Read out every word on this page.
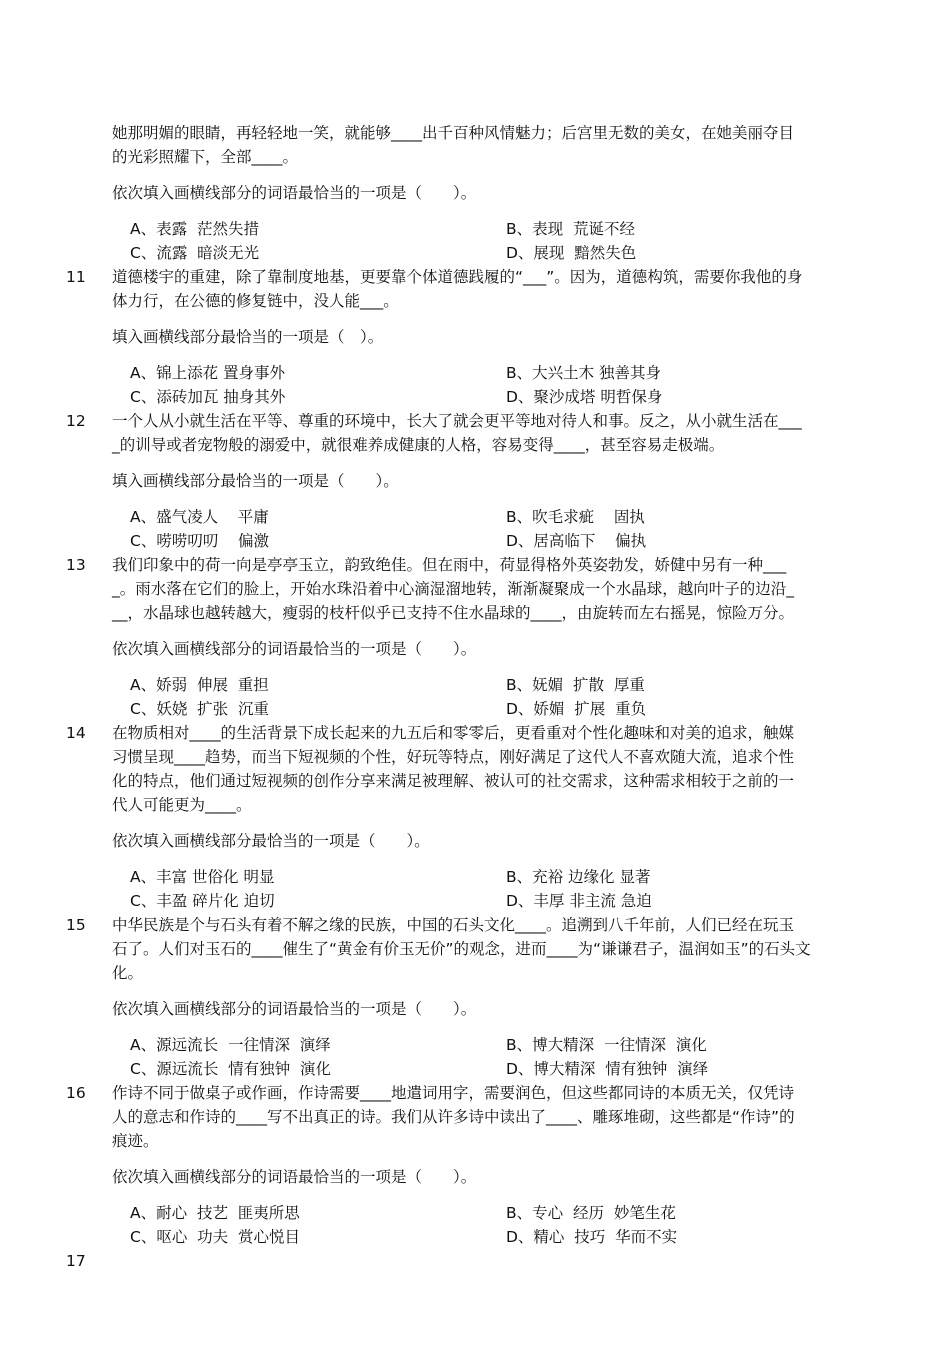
她那明媚的眼睛，再轻轻地一笑，就能够____出千百种风情魅力；后宫里无数的美女，在她美丽夺目
的光彩照耀下，全部____。
依次填入画横线部分的词语最恰当的一项是（　　）。
A、表露  茫然失措	B、表现  荒诞不经
C、流露  暗淡无光	D、展现  黯然失色
11 道德楼宇的重建，除了靠制度地基，更要靠个体道德践履的“___”。因为，道德构筑，需要你我他的身
体力行，在公德的修复链中，没人能___。
填入画横线部分最恰当的一项是（　）。
A、锦上添花 置身事外	B、大兴土木 独善其身
C、添砖加瓦 抽身其外	D、聚沙成塔 明哲保身
12 一个人从小就生活在平等、尊重的环境中，长大了就会更平等地对待人和事。反之，从小就生活在___
_的训导或者宠物般的溺爱中，就很难养成健康的人格，容易变得____，甚至容易走极端。
填入画横线部分最恰当的一项是（　　）。
A、盛气凌人    平庸	B、吹毛求疵    固执
C、唠唠叨叨    偏激	D、居高临下    偏执
13 我们印象中的荷一向是亭亭玉立，韵致绝佳。但在雨中，荷显得格外英姿勃发，娇健中另有一种___
_。雨水落在它们的脸上，开始水珠沿着中心滴湿溜地转，渐渐凝聚成一个水晶球，越向叶子的边沿_
__，水晶球也越转越大，瘦弱的枝杆似乎已支持不住水晶球的____，由旋转而左右摇晃，惊险万分。
依次填入画横线部分的词语最恰当的一项是（　　）。
A、娇弱  伸展  重担	B、妩媚  扩散  厚重
C、妖娆  扩张  沉重	D、娇媚  扩展  重负
14 在物质相对____的生活背景下成长起来的九五后和零零后，更看重对个性化趣味和对美的追求，触媒
习惯呈现____趋势，而当下短视频的个性，好玩等特点，刚好满足了这代人不喜欢随大流，追求个性
化的特点，他们通过短视频的创作分享来满足被理解、被认可的社交需求，这种需求相较于之前的一
代人可能更为____。
依次填入画横线部分最恰当的一项是（　　）。
A、丰富 世俗化 明显	B、充裕 边缘化 显著
C、丰盈 碎片化 迫切	D、丰厚 非主流 急迫
15 中华民族是个与石头有着不解之缘的民族，中国的石头文化____。追溯到八千年前，人们已经在玩玉
石了。人们对玉石的____催生了“黄金有价玉无价”的观念，进而____为“谦谦君子，温润如玉”的石头文
化。
依次填入画横线部分的词语最恰当的一项是（　　）。
A、源远流长  一往情深  演绎	B、博大精深  一往情深  演化
C、源远流长  情有独钟  演化	D、博大精深  情有独钟  演绎
16 作诗不同于做桌子或作画，作诗需要____地遣词用字，需要润色，但这些都同诗的本质无关，仅凭诗
人的意志和作诗的____写不出真正的诗。我们从许多诗中读出了____、雕琢堆砌，这些都是“作诗”的
痕迹。
依次填入画横线部分的词语最恰当的一项是（　　）。
A、耐心  技艺  匪夷所思	B、专心  经历  妙笔生花
C、呕心  功夫  赏心悦目	D、精心  技巧  华而不实
17
